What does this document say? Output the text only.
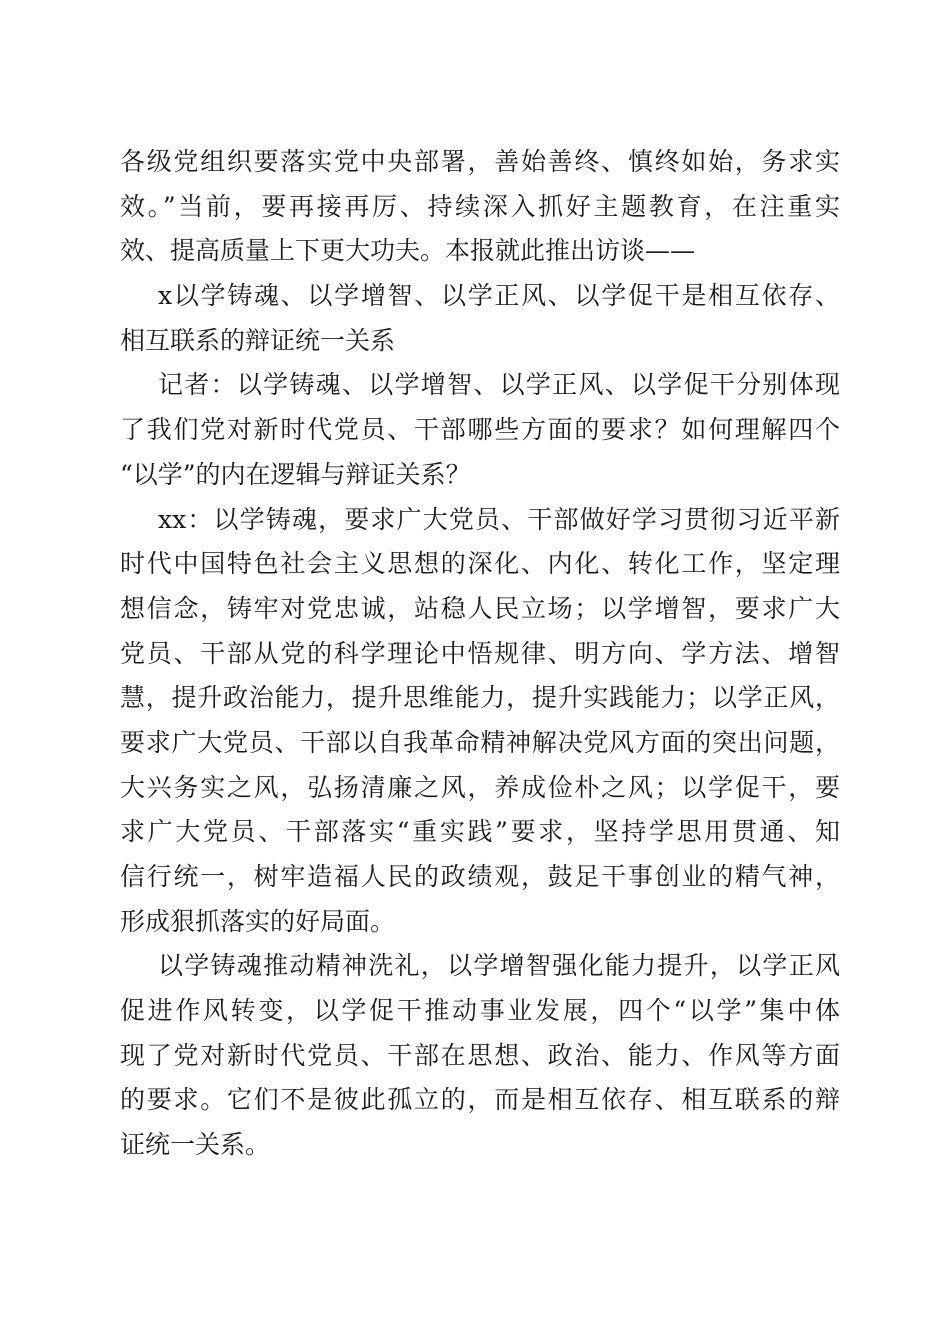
各级党组织要落实党中央部署，善始善终、慎终如始，务求实
效。”当前，要再接再厉、持续深入抓好主题教育，在注重实
效、提高质量上下更大功夫。本报就此推出访谈——
x以学铸魂、以学增智、以学正风、以学促干是相互依存、
相互联系的辩证统一关系
记者：以学铸魂、以学增智、以学正风、以学促干分别体现
了我们党对新时代党员、干部哪些方面的要求？如何理解四个
“以学”的内在逻辑与辩证关系？
xx：以学铸魂，要求广大党员、干部做好学习贯彻习近平新
时代中国特色社会主义思想的深化、内化、转化工作，坚定理
想信念，铸牢对党忠诚，站稳人民立场；以学增智，要求广大
党员、干部从党的科学理论中悟规律、明方向、学方法、增智
慧，提升政治能力，提升思维能力，提升实践能力；以学正风，
要求广大党员、干部以自我革命精神解决党风方面的突出问题，
大兴务实之风，弘扬清廉之风，养成俭朴之风；以学促干，要
求广大党员、干部落实“重实践”要求，坚持学思用贯通、知
信行统一，树牢造福人民的政绩观，鼓足干事创业的精气神，
形成狠抓落实的好局面。
以学铸魂推动精神洗礼，以学增智强化能力提升，以学正风
促进作风转变，以学促干推动事业发展，四个“以学”集中体
现了党对新时代党员、干部在思想、政治、能力、作风等方面
的要求。它们不是彼此孤立的，而是相互依存、相互联系的辩
证统一关系。
